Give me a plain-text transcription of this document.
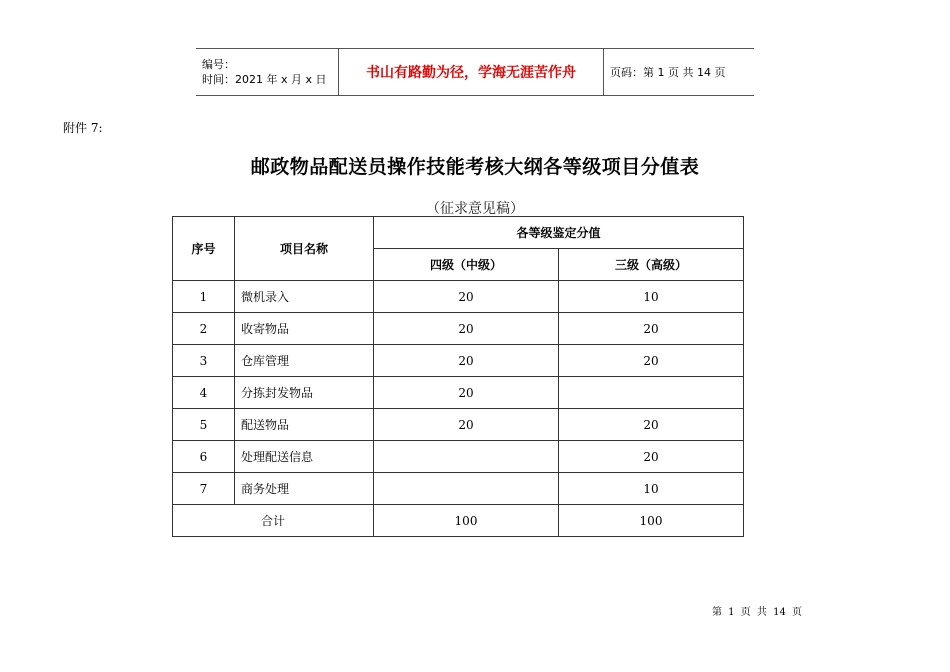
编号：
时间：2021 年 x 月 x 日	书山有路勤为径，学海无涯苦作舟	页码：第 1 页 共 14 页
附件 7:
邮政物品配送员操作技能考核大纲各等级项目分值表
（征求意见稿）
序号	项目名称	各等级鉴定分值	
		四级（中级）	三级（高级）
1	微机录入	20	10
2	收寄物品	20	20
3	仓库管理	20	20
4	分拣封发物品	20	
5	配送物品	20	20
6	处理配送信息		20
7	商务处理		10
合计		100	100
第 1 页 共 14 页
